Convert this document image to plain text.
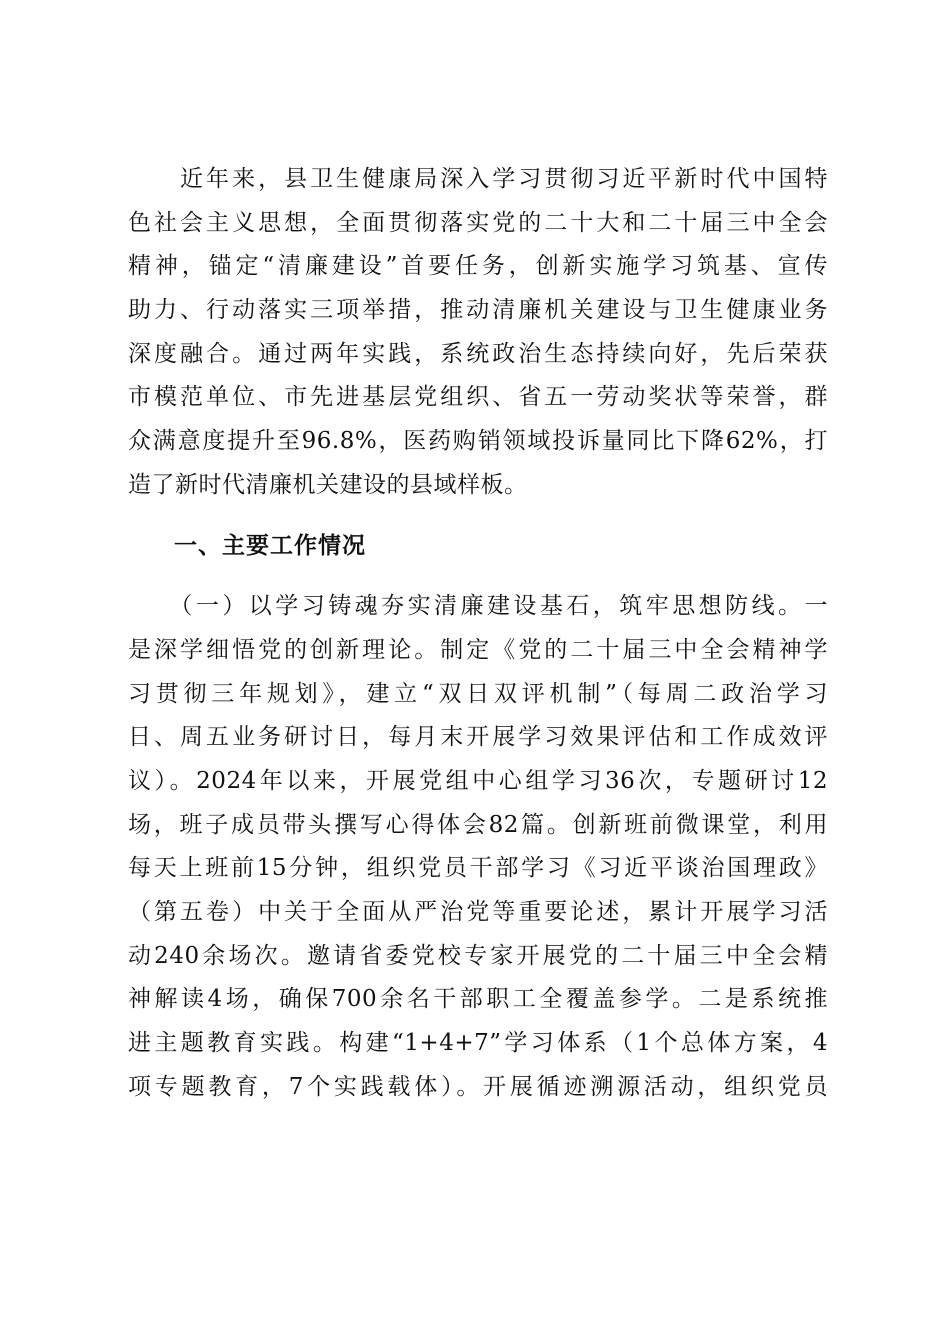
　　近年来，县卫生健康局深入学习贯彻习近平新时代中国特
色社会主义思想，全面贯彻落实党的二十大和二十届三中全会
精神，锚定“清廉建设”首要任务，创新实施学习筑基、宣传
助力、行动落实三项举措，推动清廉机关建设与卫生健康业务
深度融合。通过两年实践，系统政治生态持续向好，先后荣获
市模范单位、市先进基层党组织、省五一劳动奖状等荣誉，群
众满意度提升至96.8%，医药购销领域投诉量同比下降62%，打
造了新时代清廉机关建设的县域样板。
一、主要工作情况
　　（一）以学习铸魂夯实清廉建设基石，筑牢思想防线。一
是深学细悟党的创新理论。制定《党的二十届三中全会精神学
习贯彻三年规划》，建立“双日双评机制”（每周二政治学习
日、周五业务研讨日，每月末开展学习效果评估和工作成效评
议）。2024年以来，开展党组中心组学习36次，专题研讨12
场，班子成员带头撰写心得体会82篇。创新班前微课堂，利用
每天上班前15分钟，组织党员干部学习《习近平谈治国理政》
（第五卷）中关于全面从严治党等重要论述，累计开展学习活
动240余场次。邀请省委党校专家开展党的二十届三中全会精
神解读4场，确保700余名干部职工全覆盖参学。二是系统推
进主题教育实践。构建“1+4+7”学习体系（1个总体方案，4
项专题教育，7个实践载体）。开展循迹溯源活动，组织党员
